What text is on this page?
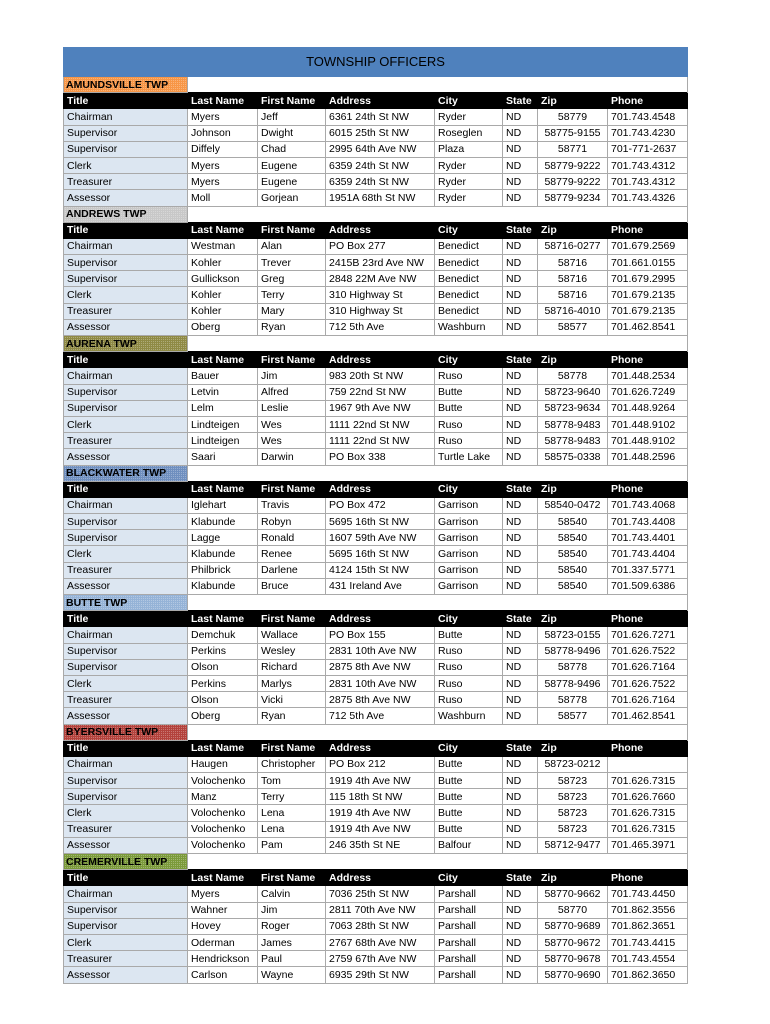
TOWNSHIP OFFICERS							
AMUNDSVILLE TWP							
Title	Last Name	First Name	Address	City	State	Zip	Phone
Chairman	Myers	Jeff	6361 24th St NW	Ryder	ND	58779	701.743.4548
Supervisor	Johnson	Dwight	6015 25th St NW	Roseglen	ND	58775-9155	701.743.4230
Supervisor	Diffely	Chad	2995 64th Ave NW	Plaza	ND	58771	701-771-2637
Clerk	Myers	Eugene	6359 24th St NW	Ryder	ND	58779-9222	701.743.4312
Treasurer	Myers	Eugene	6359 24th St NW	Ryder	ND	58779-9222	701.743.4312
Assessor	Moll	Gorjean	1951A 68th St NW	Ryder	ND	58779-9234	701.743.4326
ANDREWS TWP							
Title	Last Name	First Name	Address	City	State	Zip	Phone
Chairman	Westman	Alan	PO Box 277	Benedict	ND	58716-0277	701.679.2569
Supervisor	Kohler	Trever	2415B 23rd Ave NW	Benedict	ND	58716	701.661.0155
Supervisor	Gullickson	Greg	2848 22M Ave NW	Benedict	ND	58716	701.679.2995
Clerk	Kohler	Terry	310 Highway St	Benedict	ND	58716	701.679.2135
Treasurer	Kohler	Mary	310 Highway St	Benedict	ND	58716-4010	701.679.2135
Assessor	Oberg	Ryan	712 5th Ave	Washburn	ND	58577	701.462.8541
AURENA TWP							
Title	Last Name	First Name	Address	City	State	Zip	Phone
Chairman	Bauer	Jim	983 20th St NW	Ruso	ND	58778	701.448.2534
Supervisor	Letvin	Alfred	759 22nd St NW	Butte	ND	58723-9640	701.626.7249
Supervisor	Lelm	Leslie	1967 9th Ave NW	Butte	ND	58723-9634	701.448.9264
Clerk	Lindteigen	Wes	1111 22nd St NW	Ruso	ND	58778-9483	701.448.9102
Treasurer	Lindteigen	Wes	1111 22nd St NW	Ruso	ND	58778-9483	701.448.9102
Assessor	Saari	Darwin	PO Box 338	Turtle Lake	ND	58575-0338	701.448.2596
BLACKWATER TWP							
Title	Last Name	First Name	Address	City	State	Zip	Phone
Chairman	Iglehart	Travis	PO Box 472	Garrison	ND	58540-0472	701.743.4068
Supervisor	Klabunde	Robyn	5695 16th St NW	Garrison	ND	58540	701.743.4408
Supervisor	Lagge	Ronald	1607 59th Ave NW	Garrison	ND	58540	701.743.4401
Clerk	Klabunde	Renee	5695 16th St NW	Garrison	ND	58540	701.743.4404
Treasurer	Philbrick	Darlene	4124 15th St NW	Garrison	ND	58540	701.337.5771
Assessor	Klabunde	Bruce	431 Ireland Ave	Garrison	ND	58540	701.509.6386
BUTTE TWP							
Title	Last Name	First Name	Address	City	State	Zip	Phone
Chairman	Demchuk	Wallace	PO Box 155	Butte	ND	58723-0155	701.626.7271
Supervisor	Perkins	Wesley	2831 10th Ave NW	Ruso	ND	58778-9496	701.626.7522
Supervisor	Olson	Richard	2875 8th Ave NW	Ruso	ND	58778	701.626.7164
Clerk	Perkins	Marlys	2831 10th Ave NW	Ruso	ND	58778-9496	701.626.7522
Treasurer	Olson	Vicki	2875 8th Ave NW	Ruso	ND	58778	701.626.7164
Assessor	Oberg	Ryan	712 5th Ave	Washburn	ND	58577	701.462.8541
BYERSVILLE TWP							
Title	Last Name	First Name	Address	City	State	Zip	Phone
Chairman	Haugen	Christopher	PO Box 212	Butte	ND	58723-0212	
Supervisor	Volochenko	Tom	1919 4th Ave NW	Butte	ND	58723	701.626.7315
Supervisor	Manz	Terry	115 18th St NW	Butte	ND	58723	701.626.7660
Clerk	Volochenko	Lena	1919 4th Ave NW	Butte	ND	58723	701.626.7315
Treasurer	Volochenko	Lena	1919 4th Ave NW	Butte	ND	58723	701.626.7315
Assessor	Volochenko	Pam	246 35th St NE	Balfour	ND	58712-9477	701.465.3971
CREMERVILLE TWP							
Title	Last Name	First Name	Address	City	State	Zip	Phone
Chairman	Myers	Calvin	7036 25th St NW	Parshall	ND	58770-9662	701.743.4450
Supervisor	Wahner	Jim	2811 70th Ave NW	Parshall	ND	58770	701.862.3556
Supervisor	Hovey	Roger	7063 28th St NW	Parshall	ND	58770-9689	701.862.3651
Clerk	Oderman	James	2767 68th Ave NW	Parshall	ND	58770-9672	701.743.4415
Treasurer	Hendrickson	Paul	2759 67th Ave NW	Parshall	ND	58770-9678	701.743.4554
Assessor	Carlson	Wayne	6935 29th St NW	Parshall	ND	58770-9690	701.862.3650
